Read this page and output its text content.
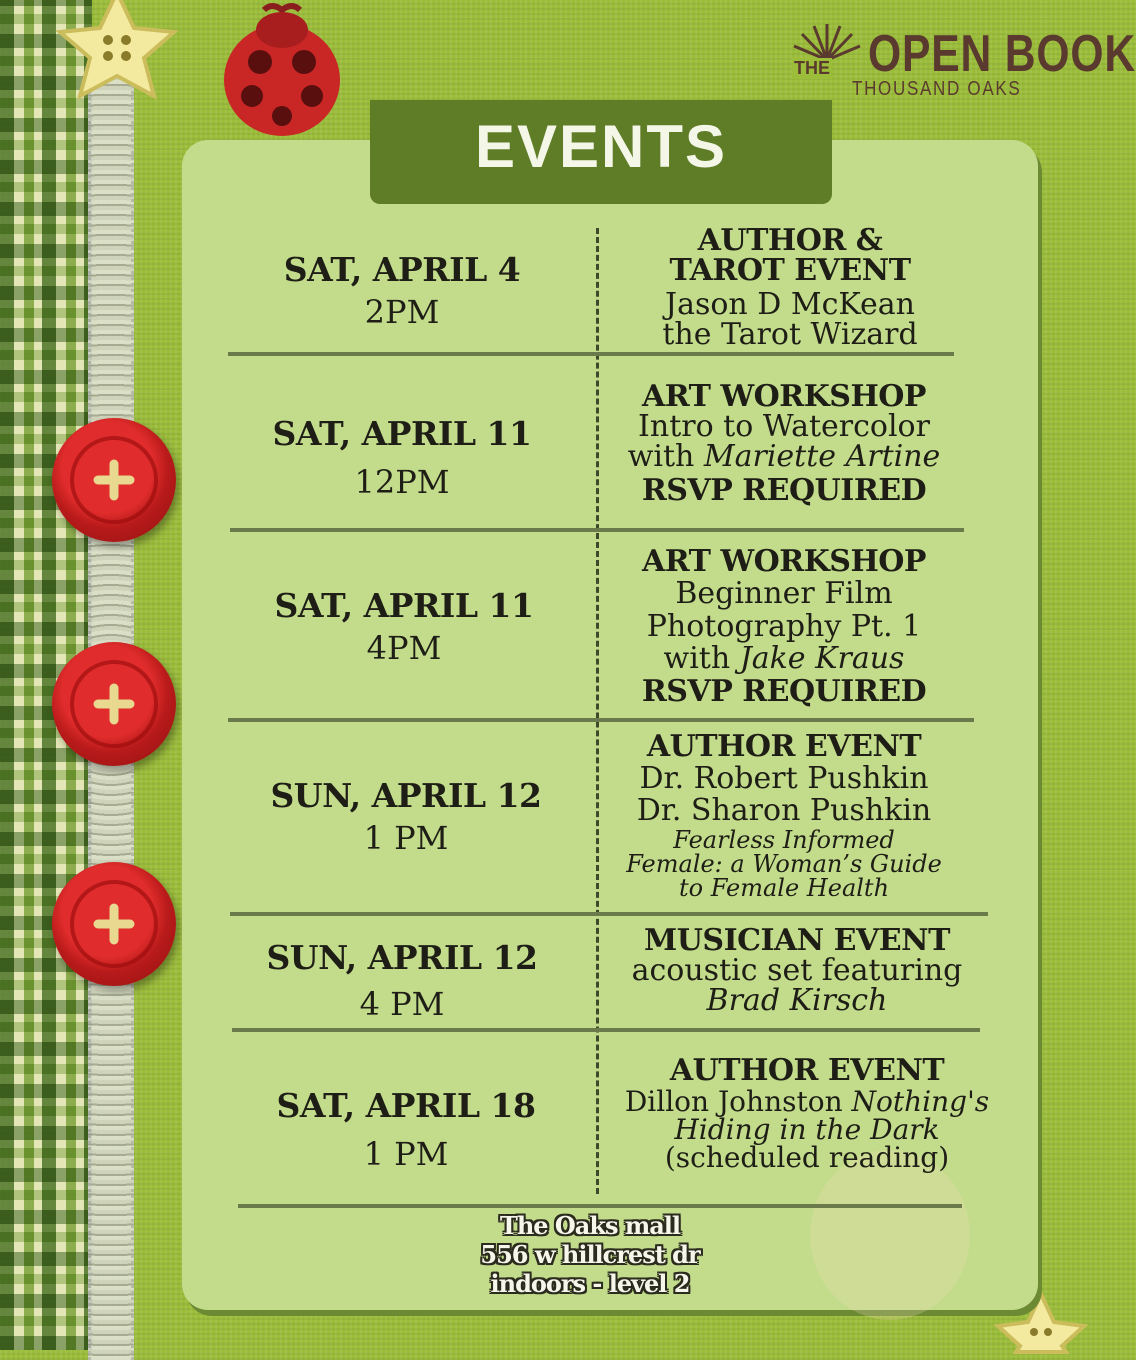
THE OPEN BOOK
THOUSAND OAKS
EVENTS
SAT, APRIL 4
2PM
AUTHOR & TAROT EVENT
Jason D McKean
the Tarot Wizard
SAT, APRIL 11
12PM
ART WORKSHOP
Intro to Watercolor
with Mariette Artine
RSVP REQUIRED
SAT, APRIL 11
4PM
ART WORKSHOP
Beginner Film
Photography Pt. 1
with Jake Kraus
RSVP REQUIRED
SUN, APRIL 12
1 PM
AUTHOR EVENT
Dr. Robert Pushkin
Dr. Sharon Pushkin
Fearless Informed
Female: a Woman’s Guide
to Female Health
SUN, APRIL 12
4 PM
MUSICIAN EVENT
acoustic set featuring
Brad Kirsch
SAT, APRIL 18
1 PM
AUTHOR EVENT
Dillon Johnston Nothing's
Hiding in the Dark
(scheduled reading)
The Oaks mall
556 w hillcrest dr
indoors - level 2
